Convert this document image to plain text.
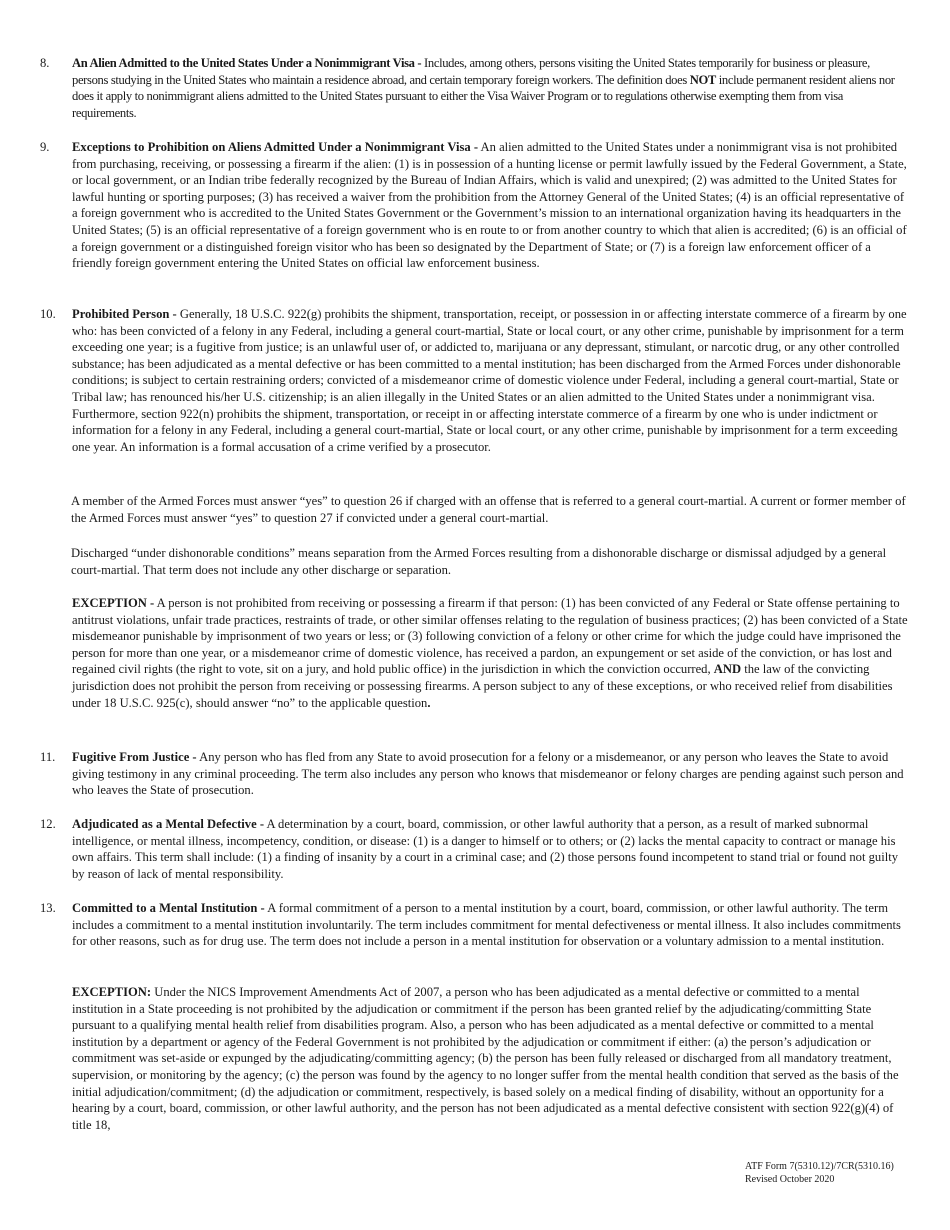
8.	An Alien Admitted to the United States Under a Nonimmigrant Visa - Includes, among others, persons visiting the United States temporarily for business or pleasure, persons studying in the United States who maintain a residence abroad, and certain temporary foreign workers. The definition does NOT include permanent resident aliens nor does it apply to nonimmigrant aliens admitted to the United States pursuant to either the Visa Waiver Program or to regulations otherwise exempting them from visa requirements.
9.	Exceptions to Prohibition on Aliens Admitted Under a Nonimmigrant Visa - An alien admitted to the United States under a nonimmigrant visa is not prohibited from purchasing, receiving, or possessing a firearm if the alien: (1) is in possession of a hunting license or permit lawfully issued by the Federal Government, a State, or local government, or an Indian tribe federally recognized by the Bureau of Indian Affairs, which is valid and unexpired; (2) was admitted to the United States for lawful hunting or sporting purposes; (3) has received a waiver from the prohibition from the Attorney General of the United States; (4) is an official representative of a foreign government who is accredited to the United States Government or the Government’s mission to an international organization having its headquarters in the United States; (5) is an official representative of a foreign government who is en route to or from another country to which that alien is accredited; (6) is an official of a foreign government or a distinguished foreign visitor who has been so designated by the Department of State; or (7) is a foreign law enforcement officer of a friendly foreign government entering the United States on official law enforcement business.
10.	Prohibited Person - Generally, 18 U.S.C. 922(g) prohibits the shipment, transportation, receipt, or possession in or affecting interstate commerce of a firearm by one who: has been convicted of a felony in any Federal, including a general court-martial, State or local court, or any other crime, punishable by imprisonment for a term exceeding one year; is a fugitive from justice; is an unlawful user of, or addicted to, marijuana or any depressant, stimulant, or narcotic drug, or any other controlled substance; has been adjudicated as a mental defective or has been committed to a mental institution; has been discharged from the Armed Forces under dishonorable conditions; is subject to certain restraining orders; convicted of a misdemeanor crime of domestic violence under Federal, including a general court-martial, State or Tribal law; has renounced his/her U.S. citizenship; is an alien illegally in the United States or an alien admitted to the United States under a nonimmigrant visa. Furthermore, section 922(n) prohibits the shipment, transportation, or receipt in or affecting interstate commerce of a firearm by one who is under indictment or information for a felony in any Federal, including a general court-martial, State or local court, or any other crime, punishable by imprisonment for a term exceeding one year. An information is a formal accusation of a crime verified by a prosecutor.
A member of the Armed Forces must answer “yes” to question 26 if charged with an offense that is referred to a general court-martial. A current or former member of the Armed Forces must answer “yes” to question 27 if convicted under a general court-martial.
Discharged “under dishonorable conditions” means separation from the Armed Forces resulting from a dishonorable discharge or dismissal adjudged by a general court-martial. That term does not include any other discharge or separation.
EXCEPTION - A person is not prohibited from receiving or possessing a firearm if that person: (1) has been convicted of any Federal or State offense pertaining to antitrust violations, unfair trade practices, restraints of trade, or other similar offenses relating to the regulation of business practices; (2) has been convicted of a State misdemeanor punishable by imprisonment of two years or less; or (3) following conviction of a felony or other crime for which the judge could have imprisoned the person for more than one year, or a misdemeanor crime of domestic violence, has received a pardon, an expungement or set aside of the conviction, or has lost and regained civil rights (the right to vote, sit on a jury, and hold public office) in the jurisdiction in which the conviction occurred, AND the law of the convicting jurisdiction does not prohibit the person from receiving or possessing firearms. A person subject to any of these exceptions, or who received relief from disabilities under 18 U.S.C. 925(c), should answer “no” to the applicable question.
11.	Fugitive From Justice - Any person who has fled from any State to avoid prosecution for a felony or a misdemeanor, or any person who leaves the State to avoid giving testimony in any criminal proceeding. The term also includes any person who knows that misdemeanor or felony charges are pending against such person and who leaves the State of prosecution.
12.	Adjudicated as a Mental Defective - A determination by a court, board, commission, or other lawful authority that a person, as a result of marked subnormal intelligence, or mental illness, incompetency, condition, or disease: (1) is a danger to himself or to others; or (2) lacks the mental capacity to contract or manage his own affairs. This term shall include: (1) a finding of insanity by a court in a criminal case; and (2) those persons found incompetent to stand trial or found not guilty by reason of lack of mental responsibility.
13.	Committed to a Mental Institution - A formal commitment of a person to a mental institution by a court, board, commission, or other lawful authority. The term includes a commitment to a mental institution involuntarily. The term includes commitment for mental defectiveness or mental illness. It also includes commitments for other reasons, such as for drug use. The term does not include a person in a mental institution for observation or a voluntary admission to a mental institution.
EXCEPTION: Under the NICS Improvement Amendments Act of 2007, a person who has been adjudicated as a mental defective or committed to a mental institution in a State proceeding is not prohibited by the adjudication or commitment if the person has been granted relief by the adjudicating/committing State pursuant to a qualifying mental health relief from disabilities program. Also, a person who has been adjudicated as a mental defective or committed to a mental institution by a department or agency of the Federal Government is not prohibited by the adjudication or commitment if either: (a) the person’s adjudication or commitment was set-aside or expunged by the adjudicating/committing agency; (b) the person has been fully released or discharged from all mandatory treatment, supervision, or monitoring by the agency; (c) the person was found by the agency to no longer suffer from the mental health condition that served as the basis of the initial adjudication/commitment; (d) the adjudication or commitment, respectively, is based solely on a medical finding of disability, without an opportunity for a hearing by a court, board, commission, or other lawful authority, and the person has not been adjudicated as a mental defective consistent with section 922(g)(4) of title 18,
ATF Form 7(5310.12)/7CR(5310.16)
Revised October 2020
